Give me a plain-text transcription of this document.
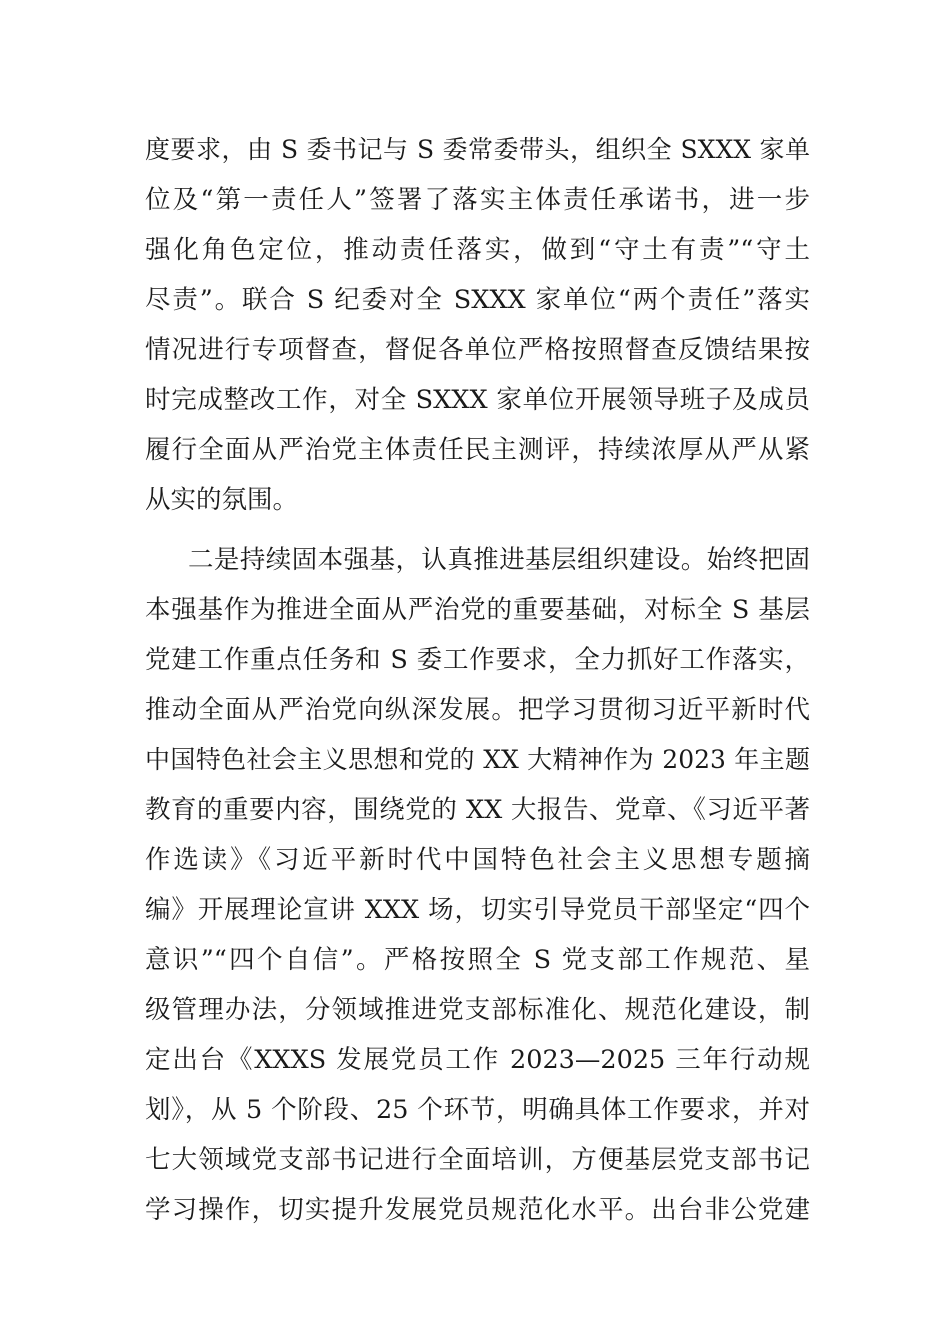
度要求，由 S 委书记与 S 委常委带头，组织全 SXXX 家单
位及“第一责任人”签署了落实主体责任承诺书，进一步
强化角色定位，推动责任落实，做到“守土有责”“守土
尽责”。联合 S 纪委对全 SXXX 家单位“两个责任”落实
情况进行专项督查，督促各单位严格按照督查反馈结果按
时完成整改工作，对全 SXXX 家单位开展领导班子及成员
履行全面从严治党主体责任民主测评，持续浓厚从严从紧
从实的氛围。
二是持续固本强基，认真推进基层组织建设。始终把固
本强基作为推进全面从严治党的重要基础，对标全 S 基层
党建工作重点任务和 S 委工作要求，全力抓好工作落实，
推动全面从严治党向纵深发展。把学习贯彻习近平新时代
中国特色社会主义思想和党的 XX 大精神作为 2023 年主题
教育的重要内容，围绕党的 XX 大报告、党章、《习近平著
作选读》《习近平新时代中国特色社会主义思想专题摘
编》开展理论宣讲 XXX 场，切实引导党员干部坚定“四个
意识”“四个自信”。严格按照全 S 党支部工作规范、星
级管理办法，分领域推进党支部标准化、规范化建设，制
定出台《XXXS 发展党员工作 2023—2025 三年行动规
划》，从 5 个阶段、25 个环节，明确具体工作要求，并对
七大领域党支部书记进行全面培训，方便基层党支部书记
学习操作，切实提升发展党员规范化水平。出台非公党建
